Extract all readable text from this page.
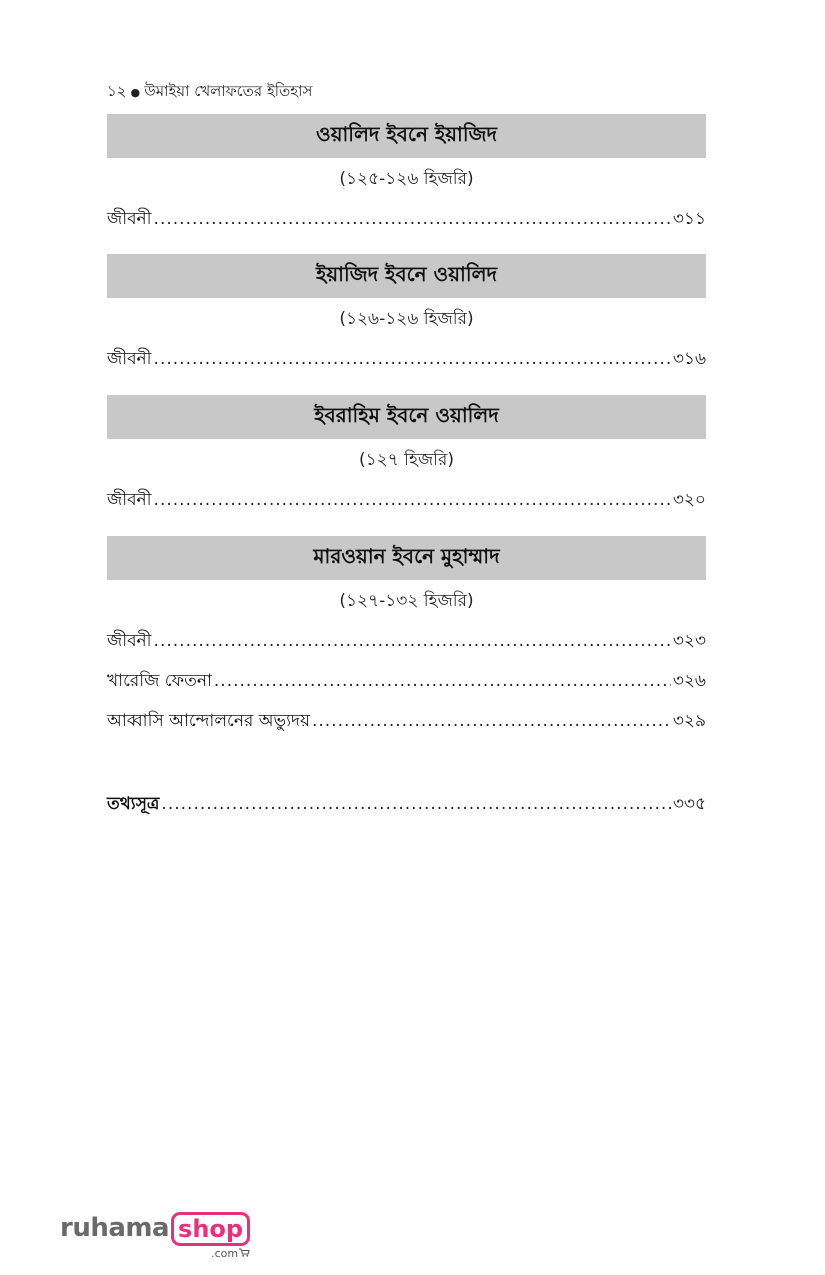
১২ ● উমাইয়া খেলাফতের ইতিহাস
ওয়ালিদ ইবনে ইয়াজিদ
(১২৫-১২৬ হিজরি)
জীবনী .....	৩১১
ইয়াজিদ ইবনে ওয়ালিদ
(১২৬-১২৬ হিজরি)
জীবনী .....	৩১৬
ইবরাহিম ইবনে ওয়ালিদ
(১২৭ হিজরি)
জীবনী .....	৩২০
মারওয়ান ইবনে মুহাম্মাদ
(১২৭-১৩২ হিজরি)
জীবনী .....	৩২৩
খারেজি ফেতনা .....	৩২৬
আব্বাসি আন্দোলনের অভ্যুদয় .....	৩২৯
তথ্যসূত্র .....	৩৩৫
ruhama shop
.com
